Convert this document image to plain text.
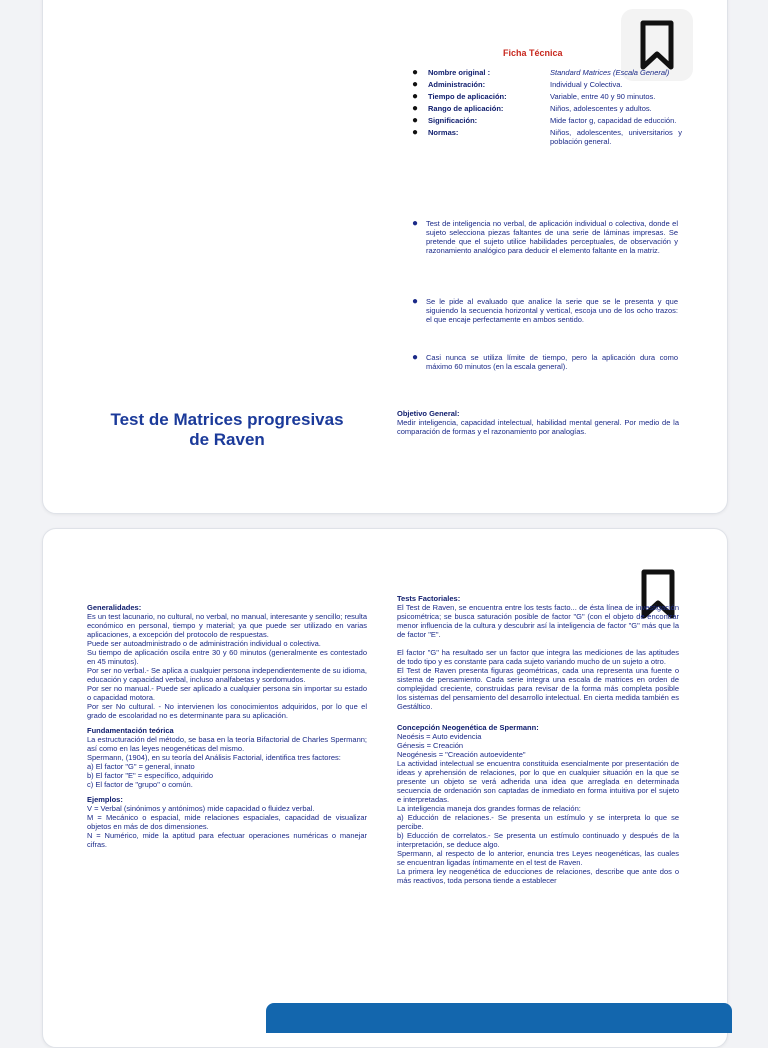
Ficha Técnica
●	Nombre original :	Standard Matrices (Escala General)
●	Administración:	Individual y Colectiva.
●	Tiempo de aplicación:	Variable, entre 40 y 90 minutos.
●	Rango de aplicación:	Niños, adolescentes y adultos.
●	Significación:	Mide factor g, capacidad de educción.
●	Normas:	Niños, adolescentes, universitarios y población general.
●	Test de inteligencia no verbal, de aplicación individual o colectiva, donde el sujeto selecciona piezas faltantes de una serie de láminas impresas. Se pretende que el sujeto utilice habilidades perceptuales, de observación y razonamiento analógico para deducir el elemento faltante en la matriz.
●	Se le pide al evaluado que analice la serie que se le presenta y que siguiendo la secuencia horizontal y vertical, escoja uno de los ocho trazos: el que encaje perfectamente en ambos sentido.
●	Casi nunca se utiliza límite de tiempo, pero la aplicación dura como máximo 60 minutos (en la escala general).
Test de Matrices progresivas
de Raven
Objetivo General:
Medir inteligencia, capacidad intelectual, habilidad mental general. Por medio de la comparación de formas y el razonamiento por analogías.
Generalidades:

Es un test lacunario, no cultural, no verbal, no manual, interesante y sencillo; resulta económico en personal, tiempo y material; ya que puede ser utilizado en varias aplicaciones, a excepción del protocolo de respuestas.

Puede ser autoadministrado o de administración individual o colectiva.

Su tiempo de aplicación oscila entre 30 y 60 minutos (generalmente es contestado en 45 minutos).

Por ser no verbal.- Se aplica a cualquier persona independientemente de su idioma, educación y capacidad verbal, incluso analfabetas y sordomudos.

Por ser no manual.- Puede ser aplicado a cualquier persona sin importar su estado o capacidad motora.

Por ser No cultural. - No intervienen los conocimientos adquiridos, por lo que el grado de escolaridad no es determinante para su aplicación.

Fundamentación teórica

La estructuración del método, se basa en la teoría Bifactorial de Charles Spermann; así como en las leyes neogenéticas del mismo.

Spermann, (1904), en su teoría del Análisis Factorial, identifica tres factores:

a) El factor "G" = general, innato

b) El factor "E" = específico, adquirido

c) El factor de "grupo" o común.

Ejemplos:

V = Verbal (sinónimos y antónimos) mide capacidad o fluidez verbal.

M = Mecánico o espacial, mide relaciones espaciales, capacidad de visualizar objetos en más de dos dimensiones.

N = Numérico, mide la aptitud para efectuar operaciones numéricas o manejar cifras.

Tests Factoriales:

El Test de Raven, se encuentra entre los tests facto... de ésta línea de investigación psicométrica; se busca saturación posible de factor "G" (con el objeto de encontrar menor influencia de la cultura y descubrir así la inteligencia de factor "G" más que la de factor "E".

El factor "G" ha resultado ser un factor que integra las mediciones de las aptitudes de todo tipo y es constante para cada sujeto variando mucho de un sujeto a otro.

El Test de Raven presenta figuras geométricas, cada una representa una fuente o sistema de pensamiento. Cada serie integra una escala de matrices en orden de complejidad creciente, construidas para revisar de la forma más completa posible los sistemas del pensamiento del desarrollo intelectual. En cierta medida también es Gestáltico.

Concepción Neogenética de Spermann:

Neoésis = Auto evidencia

Génesis = Creación

Neogénesis = "Creación autoevidente"

La actividad intelectual se encuentra constituida esencialmente por presentación de ideas y aprehensión de relaciones, por lo que en cualquier situación en la que se presente un objeto se verá adherida una idea que arreglada en determinada secuencia de ordenación son captadas de inmediato en forma intuitiva por el sujeto e interpretadas.

La inteligencia maneja dos grandes formas de relación:

a) Educción de relaciones.- Se presenta un estímulo y se interpreta lo que se percibe.

b) Educción de correlatos.- Se presenta un estímulo continuado y después de la interpretación, se deduce algo.

Spermann, al respecto de lo anterior, enuncia tres Leyes neogenéticas, las cuales se encuentran ligadas íntimamente en el test de Raven.

La primera ley neogenética de educciones de relaciones, describe que ante dos o más reactivos, toda persona tiende a establecer
